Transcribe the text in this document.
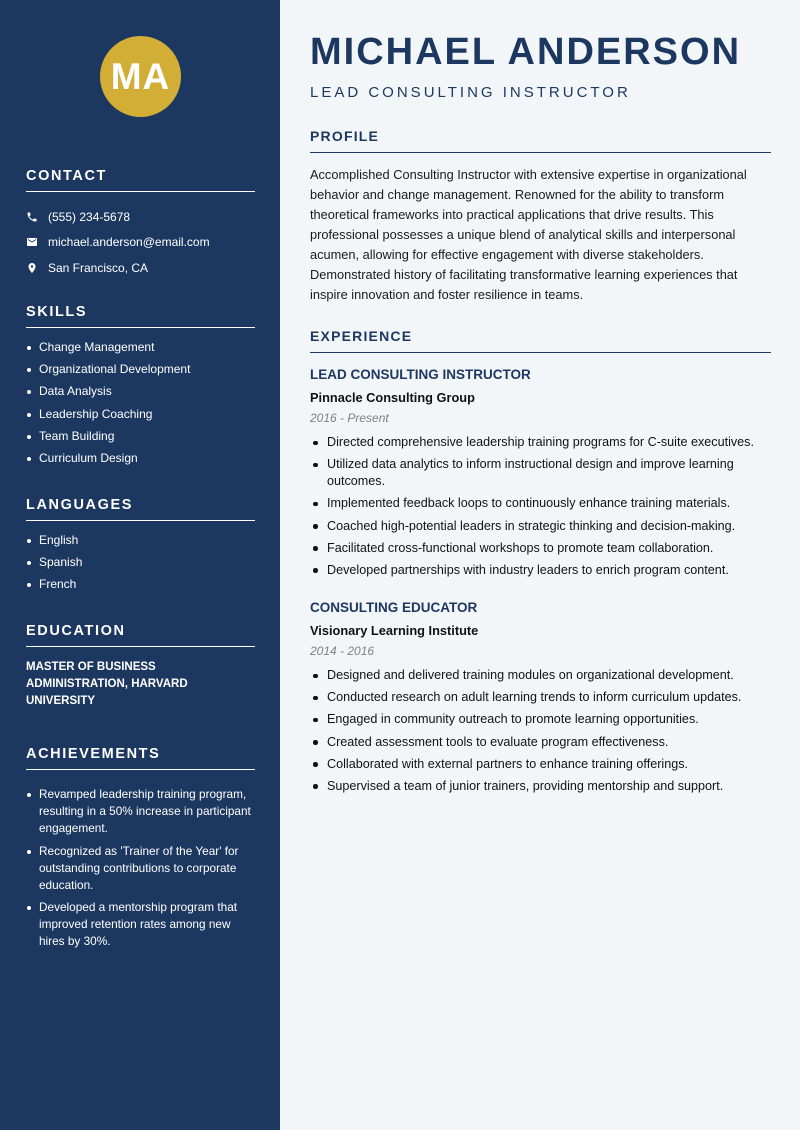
MA
CONTACT
(555) 234-5678
michael.anderson@email.com
San Francisco, CA
SKILLS
Change Management
Organizational Development
Data Analysis
Leadership Coaching
Team Building
Curriculum Design
LANGUAGES
English
Spanish
French
EDUCATION
MASTER OF BUSINESS
ADMINISTRATION, HARVARD
UNIVERSITY
ACHIEVEMENTS
Revamped leadership training program, resulting in a 50% increase in participant engagement.
Recognized as 'Trainer of the Year' for outstanding contributions to corporate education.
Developed a mentorship program that improved retention rates among new hires by 30%.
MICHAEL ANDERSON
LEAD CONSULTING INSTRUCTOR
PROFILE
Accomplished Consulting Instructor with extensive expertise in organizational behavior and change management. Renowned for the ability to transform theoretical frameworks into practical applications that drive results. This professional possesses a unique blend of analytical skills and interpersonal acumen, allowing for effective engagement with diverse stakeholders. Demonstrated history of facilitating transformative learning experiences that inspire innovation and foster resilience in teams.
EXPERIENCE
LEAD CONSULTING INSTRUCTOR
Pinnacle Consulting Group
2016 - Present
Directed comprehensive leadership training programs for C-suite executives.
Utilized data analytics to inform instructional design and improve learning outcomes.
Implemented feedback loops to continuously enhance training materials.
Coached high-potential leaders in strategic thinking and decision-making.
Facilitated cross-functional workshops to promote team collaboration.
Developed partnerships with industry leaders to enrich program content.
CONSULTING EDUCATOR
Visionary Learning Institute
2014 - 2016
Designed and delivered training modules on organizational development.
Conducted research on adult learning trends to inform curriculum updates.
Engaged in community outreach to promote learning opportunities.
Created assessment tools to evaluate program effectiveness.
Collaborated with external partners to enhance training offerings.
Supervised a team of junior trainers, providing mentorship and support.
